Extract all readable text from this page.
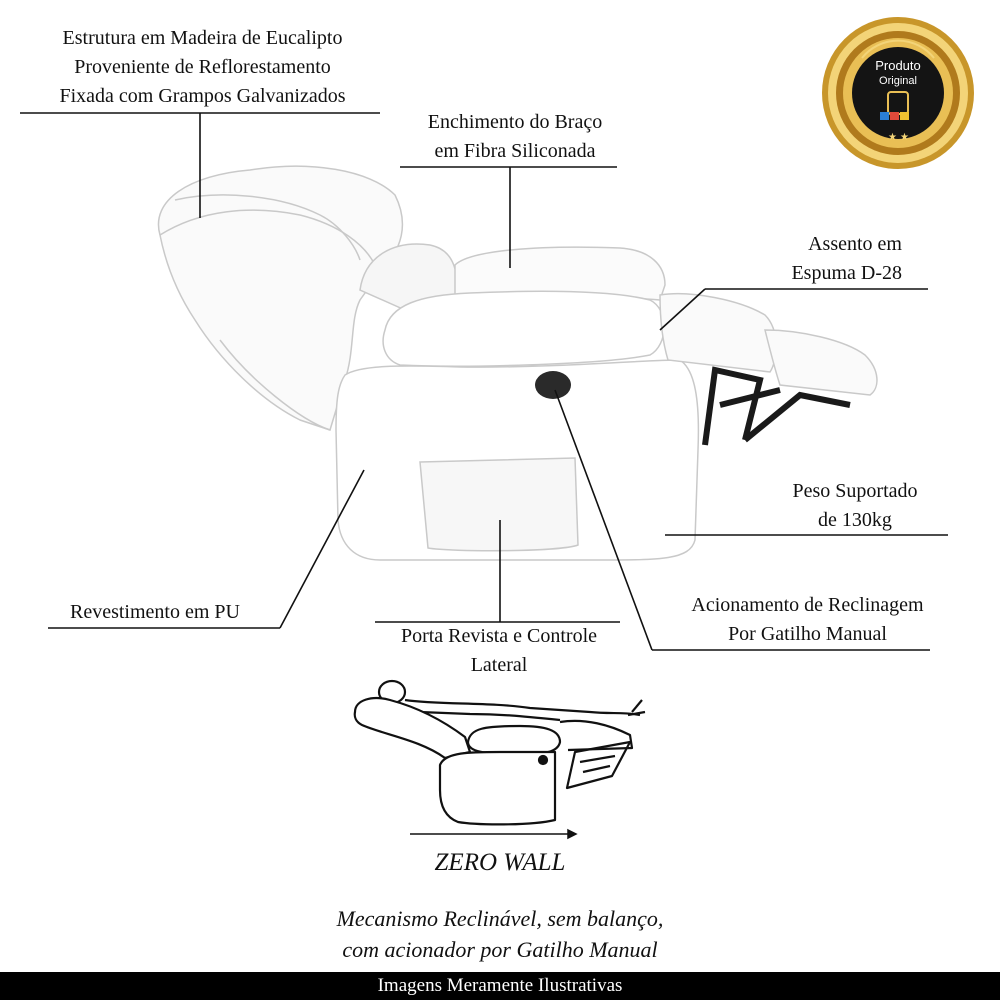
★ ★
Produto
Original
Estrutura em Madeira de Eucalipto
Proveniente de Reflorestamento
Fixada com Grampos Galvanizados
Enchimento do Braço
em Fibra Siliconada
Assento em
Espuma D-28
Peso Suportado
de 130kg
Acionamento de Reclinagem
Por Gatilho Manual
Porta Revista e Controle
Lateral
Revestimento em PU
ZERO WALL
Mecanismo Reclinável, sem balanço,
com acionador por Gatilho Manual
Imagens Meramente Ilustrativas
